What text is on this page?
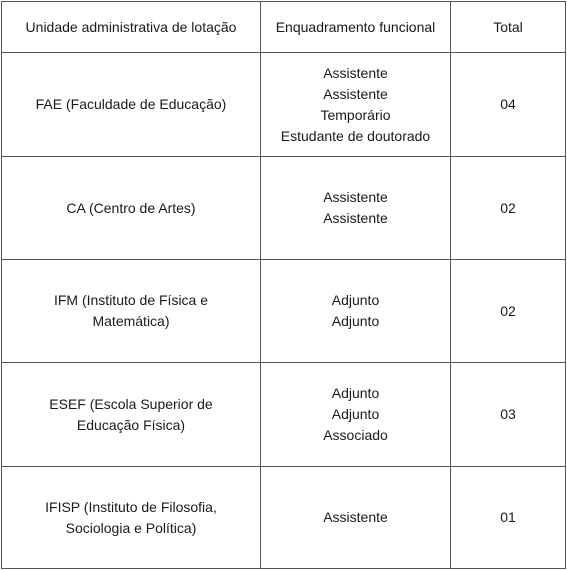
Unidade administrativa de lotação	Enquadramento funcional	Total

FAE (Faculdade de Educação)	Assistente
Assistente
Temporário
Estudante de doutorado	04

CA (Centro de Artes)	Assistente
Assistente	02

IFM (Instituto de Física e
Matemática)	Adjunto
Adjunto	02

ESEF (Escola Superior de
Educação Física)	Adjunto
Adjunto
Associado	03

IFISP (Instituto de Filosofia,
Sociologia e Política)	Assistente	01
